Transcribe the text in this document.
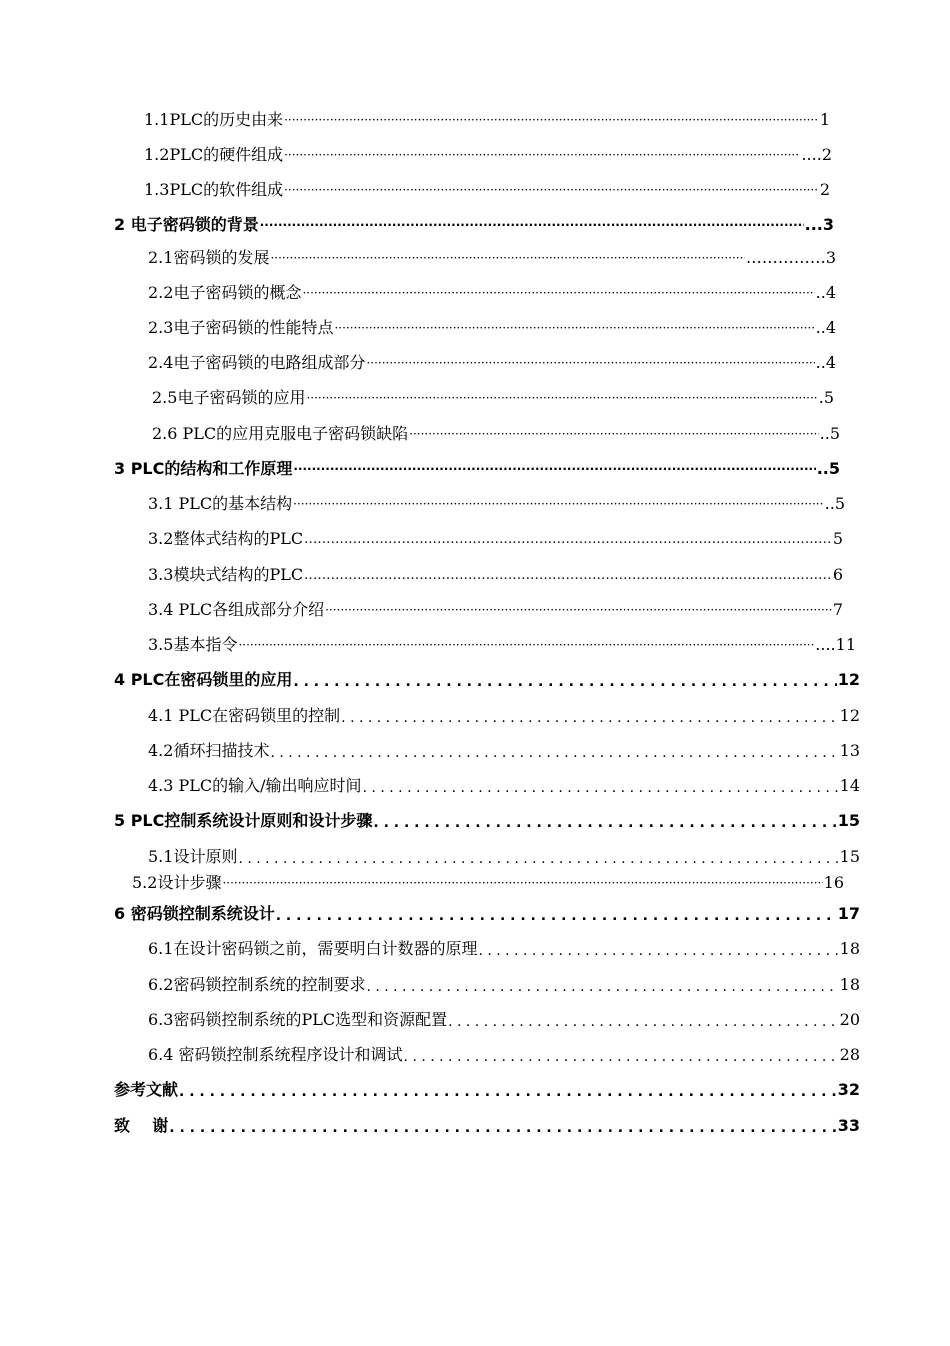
1.1PLC的历史由来 ·····	1
1.2PLC的硬件组成 ·····	....2
1.3PLC的软件组成 ·····	2
2 电子密码锁的背景 ·····	...3
2.1密码锁的发展 ·····	……………3
2.2电子密码锁的概念 ·····	..4
2.3电子密码锁的性能特点 ·····	..4
2.4电子密码锁的电路组成部分 ·····	..4
2.5电子密码锁的应用 ·····	.5
2.6 PLC的应用克服电子密码锁缺陷 ·····	..5
3 PLC的结构和工作原理 ·····	..5
3.1 PLC的基本结构 ·····	..5
3.2整体式结构的PLC .....	5
3.3模块式结构的PLC .....	6
3.4 PLC各组成部分介绍 ·····	7
3.5基本指令 ·····	....11
4 PLC在密码锁里的应用 . . .	12
4.1 PLC在密码锁里的控制 . . .	12
4.2循环扫描技术 . . .	13
4.3 PLC的输入/输出响应时间 . . .	14
5 PLC控制系统设计原则和设计步骤 . . .	15
5.1设计原则 . . .	15
5.2设计步骤 ·····	16
6 密码锁控制系统设计 . . .	17
6.1在设计密码锁之前，需要明白计数器的原理 . . .	18
6.2密码锁控制系统的控制要求 . . .	18
6.3密码锁控制系统的PLC选型和资源配置 . . .	20
6.4 密码锁控制系统程序设计和调试 . . .	28
参考文献 . . .	32
致    谢 . . .	33
